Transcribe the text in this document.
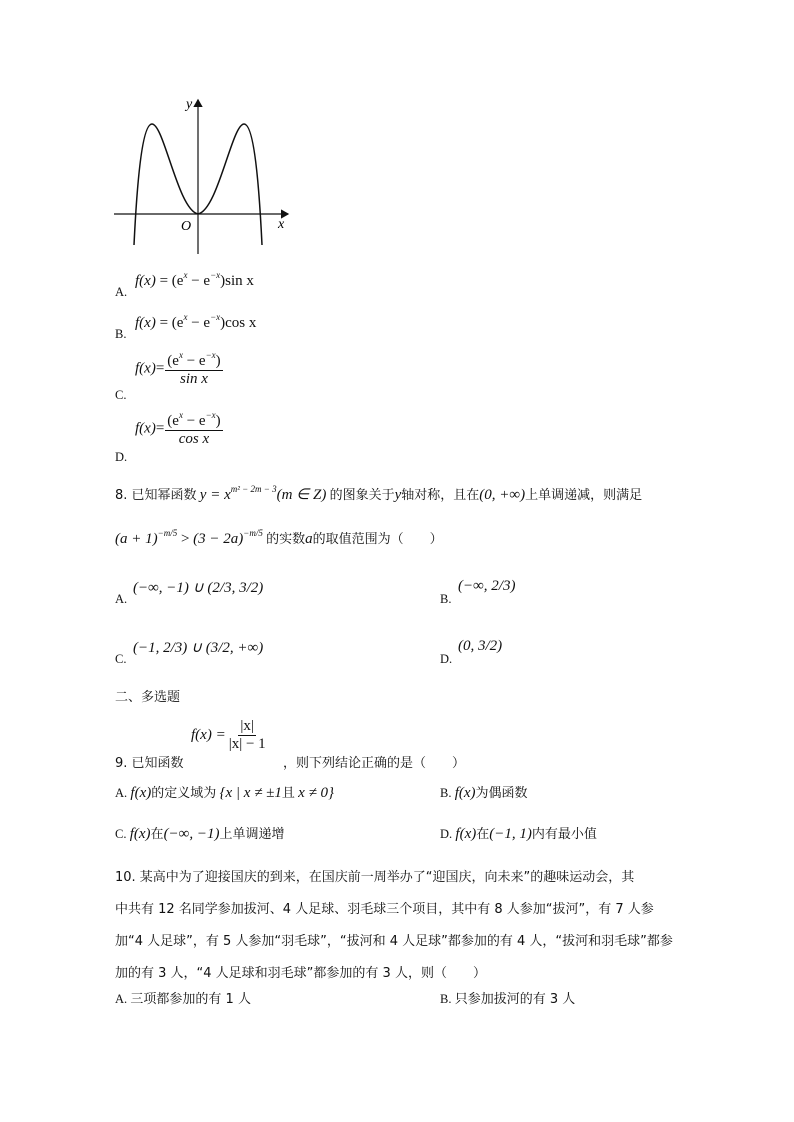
y
x
O
A.
$f(x) = (e^x - e^{-x})\sin$ x
B.
$f(x) = (e^x - e^{-x})\cos$ x
C.
$f(x)= \frac{(e^x - e^{-x})}{\text{sin x}}$
D.
$f(x)= \frac{(e^x - e^{-x})}{\text{cos x}}$
8. 已知幂函数 $y = x^{m^2 - 2m - 3}(m$ ∈ Z) 的图象关于y轴对称，且在(0, +∞)上单调递减，则满足
$(a + 1)^{-m/5} > (3 - 2a)^{-m/5}$ 的实数a的取值范围为（　　）
A.
(−∞, −1) ∪ (2/3, 3/2)
B.
(−∞, 2/3)
C.
(−1, 2/3) ∪ (3/2, +∞)
D.
(0, 3/2)
二、多选题
9. 已知函数
$f(x) = \frac{|x|}{|x| - 1}$
，则下列结论正确的是（　　）
A. f(x)的定义域为 {x | x ≠ ±1且 x ≠ 0}	B. f(x)为偶函数
C. f(x)在(−∞, −1)上单调递增	D. f(x)在(−1, 1)内有最小值
10. 某高中为了迎接国庆的到来，在国庆前一周举办了“迎国庆，向未来”的趣味运动会，其
中共有 12 名同学参加拔河、4 人足球、羽毛球三个项目，其中有 8 人参加“拔河”，有 7 人参
加“4 人足球”，有 5 人参加“羽毛球”，“拔河和 4 人足球”都参加的有 4 人，“拔河和羽毛球”都参
加的有 3 人，“4 人足球和羽毛球”都参加的有 3 人，则（　　）
A. 三项都参加的有 1 人	B. 只参加拔河的有 3 人
